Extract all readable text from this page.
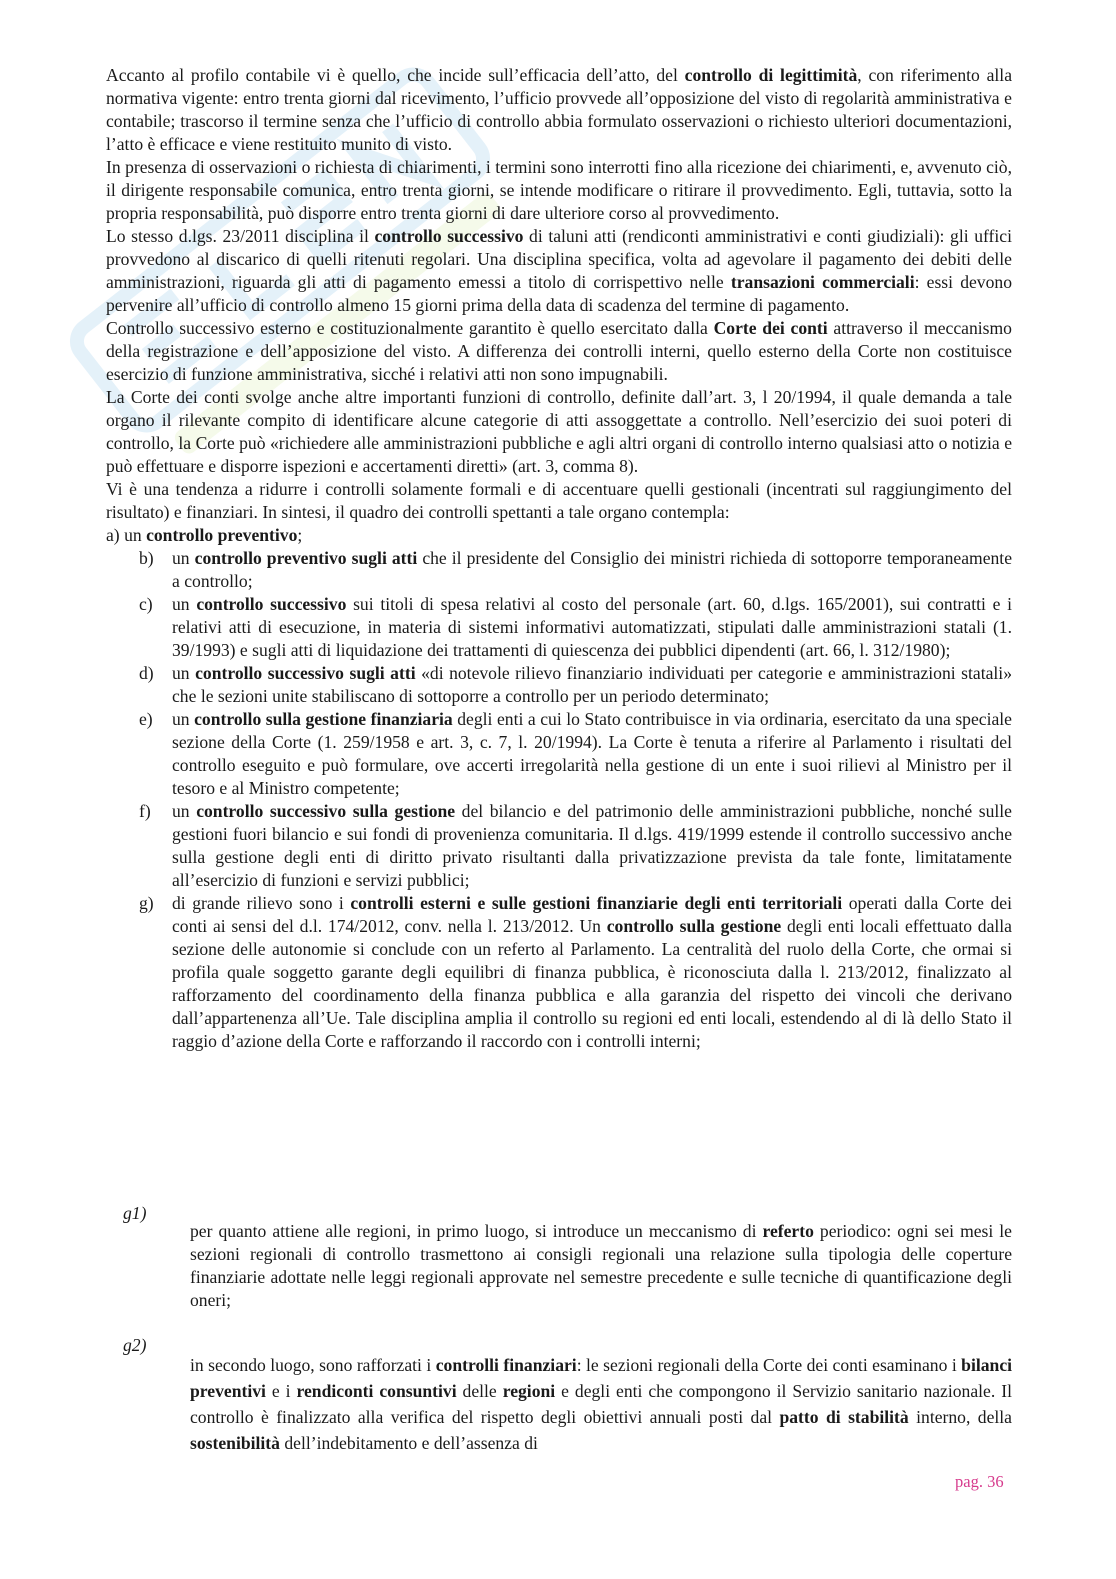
Accanto al profilo contabile vi è quello, che incide sull’efficacia dell’atto, del controllo di legittimità, con riferimento alla normativa vigente: entro trenta giorni dal ricevimento, l’ufficio provvede all’opposizione del visto di regolarità amministrativa e contabile; trascorso il termine senza che l’ufficio di controllo abbia formulato osservazioni o richiesto ulteriori documentazioni, l’atto è efficace e viene restituito munito di visto.

In presenza di osservazioni o richiesta di chiarimenti, i termini sono interrotti fino alla ricezione dei chiarimenti, e, avvenuto ciò, il dirigente responsabile comunica, entro trenta giorni, se intende modificare o ritirare il provvedimento. Egli, tuttavia, sotto la propria responsabilità, può disporre entro trenta giorni di dare ulteriore corso al provvedimento.

Lo stesso d.lgs. 23/2011 disciplina il controllo successivo di taluni atti (rendiconti amministrativi e conti giudiziali): gli uffici provvedono al discarico di quelli ritenuti regolari. Una disciplina specifica, volta ad agevolare il pagamento dei debiti delle amministrazioni, riguarda gli atti di pagamento emessi a titolo di corrispettivo nelle transazioni commerciali: essi devono pervenire all’ufficio di controllo almeno 15 giorni prima della data di scadenza del termine di pagamento.

Controllo successivo esterno e costituzionalmente garantito è quello esercitato dalla Corte dei conti attraverso il meccanismo della registrazione e dell’apposizione del visto. A differenza dei controlli interni, quello esterno della Corte non costituisce esercizio di funzione amministrativa, sicché i relativi atti non sono impugnabili.

La Corte dei conti svolge anche altre importanti funzioni di controllo, definite dall’art. 3, l 20/1994, il quale demanda a tale organo il rilevante compito di identificare alcune categorie di atti assoggettate a controllo. Nell’esercizio dei suoi poteri di controllo, la Corte può «richiedere alle amministrazioni pubbliche e agli altri organi di controllo interno qualsiasi atto o notizia e può effettuare e disporre ispezioni e accertamenti diretti» (art. 3, comma 8).

Vi è una tendenza a ridurre i controlli solamente formali e di accentuare quelli gestionali (incentrati sul raggiungimento del risultato) e finanziari. In sintesi, il quadro dei controlli spettanti a tale organo contempla:

a) un controllo preventivo;
b) un controllo preventivo sugli atti che il presidente del Consiglio dei ministri richieda di sottoporre temporaneamente a controllo;
c) un controllo successivo sui titoli di spesa relativi al costo del personale (art. 60, d.lgs. 165/2001), sui contratti e i relativi atti di esecuzione, in materia di sistemi informativi automatizzati, stipulati dalle amministrazioni statali (1. 39/1993) e sugli atti di liquidazione dei trattamenti di quiescenza dei pubblici dipendenti (art. 66, l. 312/1980);
d) un controllo successivo sugli atti «di notevole rilievo finanziario individuati per categorie e amministrazioni statali» che le sezioni unite stabiliscano di sottoporre a controllo per un periodo determinato;
e) un controllo sulla gestione finanziaria degli enti a cui lo Stato contribuisce in via ordinaria, esercitato da una speciale sezione della Corte (1. 259/1958 e art. 3, c. 7, l. 20/1994). La Corte è tenuta a riferire al Parlamento i risultati del controllo eseguito e può formulare, ove accerti irregolarità nella gestione di un ente i suoi rilievi al Ministro per il tesoro e al Ministro competente;
f) un controllo successivo sulla gestione del bilancio e del patrimonio delle amministrazioni pubbliche, nonché sulle gestioni fuori bilancio e sui fondi di provenienza comunitaria. Il d.lgs. 419/1999 estende il controllo successivo anche sulla gestione degli enti di diritto privato risultanti dalla privatizzazione prevista da tale fonte, limitatamente all’esercizio di funzioni e servizi pubblici;
g) di grande rilievo sono i controlli esterni e sulle gestioni finanziarie degli enti territoriali operati dalla Corte dei conti ai sensi del d.l. 174/2012, conv. nella l. 213/2012. Un controllo sulla gestione degli enti locali effettuato dalla sezione delle autonomie si conclude con un referto al Parlamento. La centralità del ruolo della Corte, che ormai si profila quale soggetto garante degli equilibri di finanza pubblica, è riconosciuta dalla l. 213/2012, finalizzato al rafforzamento del coordinamento della finanza pubblica e alla garanzia del rispetto dei vincoli che derivano dall’appartenenza all’Ue. Tale disciplina amplia il controllo su regioni ed enti locali, estendendo al di là dello Stato il raggio d’azione della Corte e rafforzando il raccordo con i controlli interni;
g1)

per quanto attiene alle regioni, in primo luogo, si introduce un meccanismo di referto periodico: ogni sei mesi le sezioni regionali di controllo trasmettono ai consigli regionali una relazione sulla tipologia delle coperture finanziarie adottate nelle leggi regionali approvate nel semestre precedente e sulle tecniche di quantificazione degli oneri;

g2)

in secondo luogo, sono rafforzati i controlli finanziari: le sezioni regionali della Corte dei conti esaminano i bilanci preventivi e i rendiconti consuntivi delle regioni e degli enti che compongono il Servizio sanitario nazionale. Il controllo è finalizzato alla verifica del rispetto degli obiettivi annuali posti dal patto di stabilità interno, della sostenibilità dell’indebitamento e dell’assenza di

pag. 36
